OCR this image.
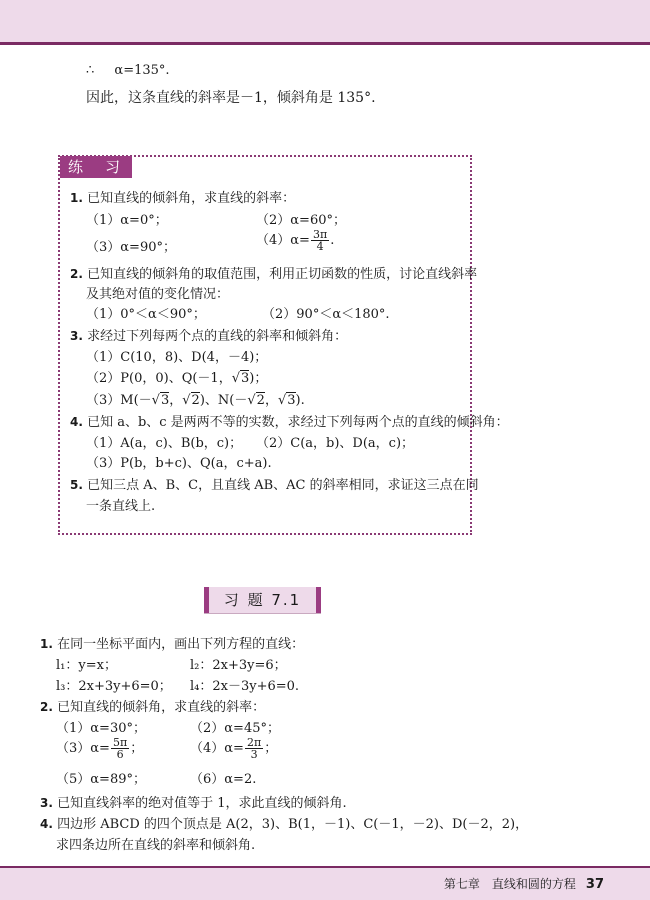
∴ α=135°.
因此，这条直线的斜率是－1，倾斜角是 135°.
练 习
1. 已知直线的倾斜角，求直线的斜率：
（1）α=0°；	（2）α=60°；
（3）α=90°；	$(4)\alpha= \frac{3\pi}{4}$ .
2. 已知直线的倾斜角的取值范围，利用正切函数的性质，讨论直线斜率
及其绝对值的变化情况：
（1）0°＜α＜90°；	（2）90°＜α＜180°.
3. 求经过下列每两个点的直线的斜率和倾斜角：
（1）C(10，8)、D(4，－4)；
（2）P(0，0)、Q(－1，√3)；
（3）M(－√3，√2)、N(－√2，√3).
4. 已知 a、b、c 是两两不等的实数，求经过下列每两个点的直线的倾斜角：
（1）A(a，c)、B(b，c)； （2）C(a，b)、D(a，c)；
（3）P(b，b+c)、Q(a，c+a).
5. 已知三点 A、B、C，且直线 AB、AC 的斜率相同，求证这三点在同
一条直线上.
习 题 7.1
1. 在同一坐标平面内，画出下列方程的直线：
l₁：y=x；	l₂：2x+3y=6；
l₃：2x+3y+6=0； l₄：2x－3y+6=0.
2. 已知直线的倾斜角，求直线的斜率：
（1）α=30°；	（2）α=45°；
$(3)\alpha= \frac{5\pi}{6}$ ；	$(4)\alpha= \frac{2\pi}{3}$ ；
（5）α=89°；	（6）α=2.
3. 已知直线斜率的绝对值等于 1，求此直线的倾斜角.
4. 四边形 ABCD 的四个顶点是 A(2，3)、B(1，－1)、C(－1，－2)、D(－2，2)，
求四条边所在直线的斜率和倾斜角.
第七章　直线和圆的方程 37
